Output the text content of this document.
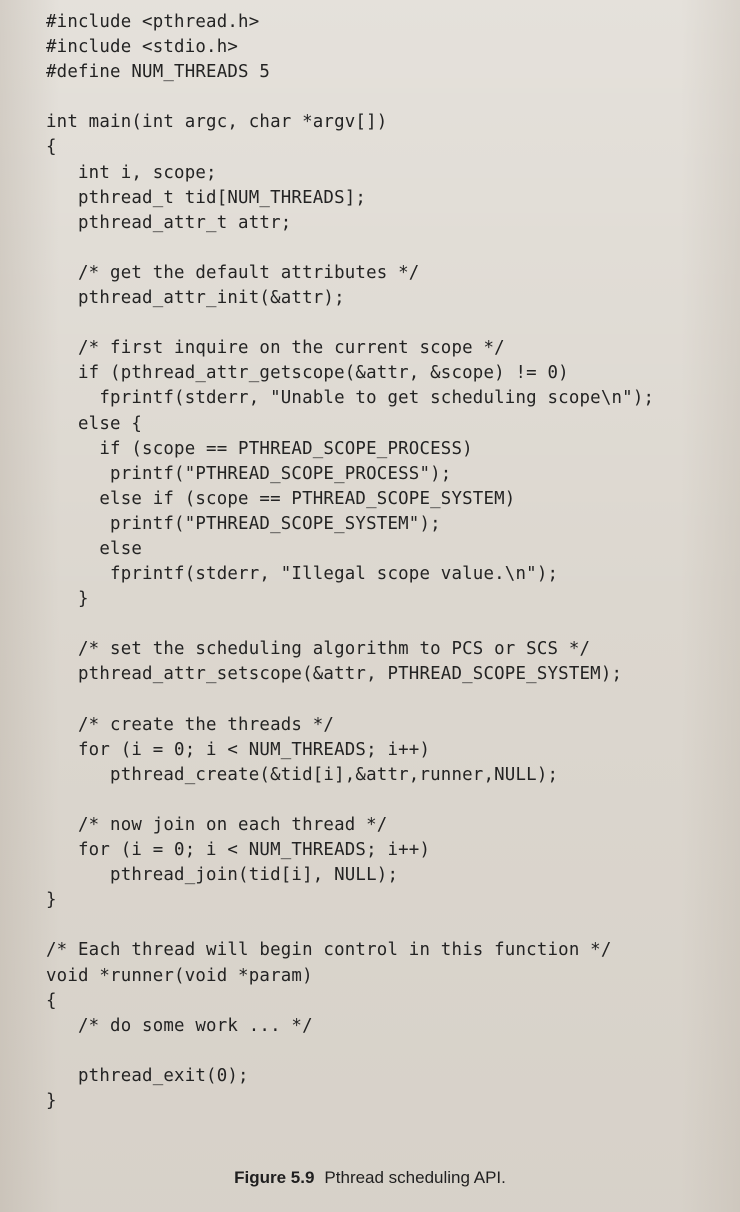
#include <pthread.h>
#include <stdio.h>
#define NUM_THREADS 5
int main(int argc, char *argv[])
{
int i, scope;
pthread_t tid[NUM_THREADS];
pthread_attr_t attr;
/* get the default attributes */
pthread_attr_init(&attr);
/* first inquire on the current scope */
if (pthread_attr_getscope(&attr, &scope) != 0)
fprintf(stderr, "Unable to get scheduling scope\n");
else {
if (scope == PTHREAD_SCOPE_PROCESS)
printf("PTHREAD_SCOPE_PROCESS");
else if (scope == PTHREAD_SCOPE_SYSTEM)
printf("PTHREAD_SCOPE_SYSTEM");
else
fprintf(stderr, "Illegal scope value.\n");
}
/* set the scheduling algorithm to PCS or SCS */
pthread_attr_setscope(&attr, PTHREAD_SCOPE_SYSTEM);
/* create the threads */
for (i = 0; i < NUM_THREADS; i++)
pthread_create(&tid[i],&attr,runner,NULL);
/* now join on each thread */
for (i = 0; i < NUM_THREADS; i++)
pthread_join(tid[i], NULL);
}
/* Each thread will begin control in this function */
void *runner(void *param)
{
/* do some work ... */
pthread_exit(0);
}
Figure 5.9 Pthread scheduling API.
